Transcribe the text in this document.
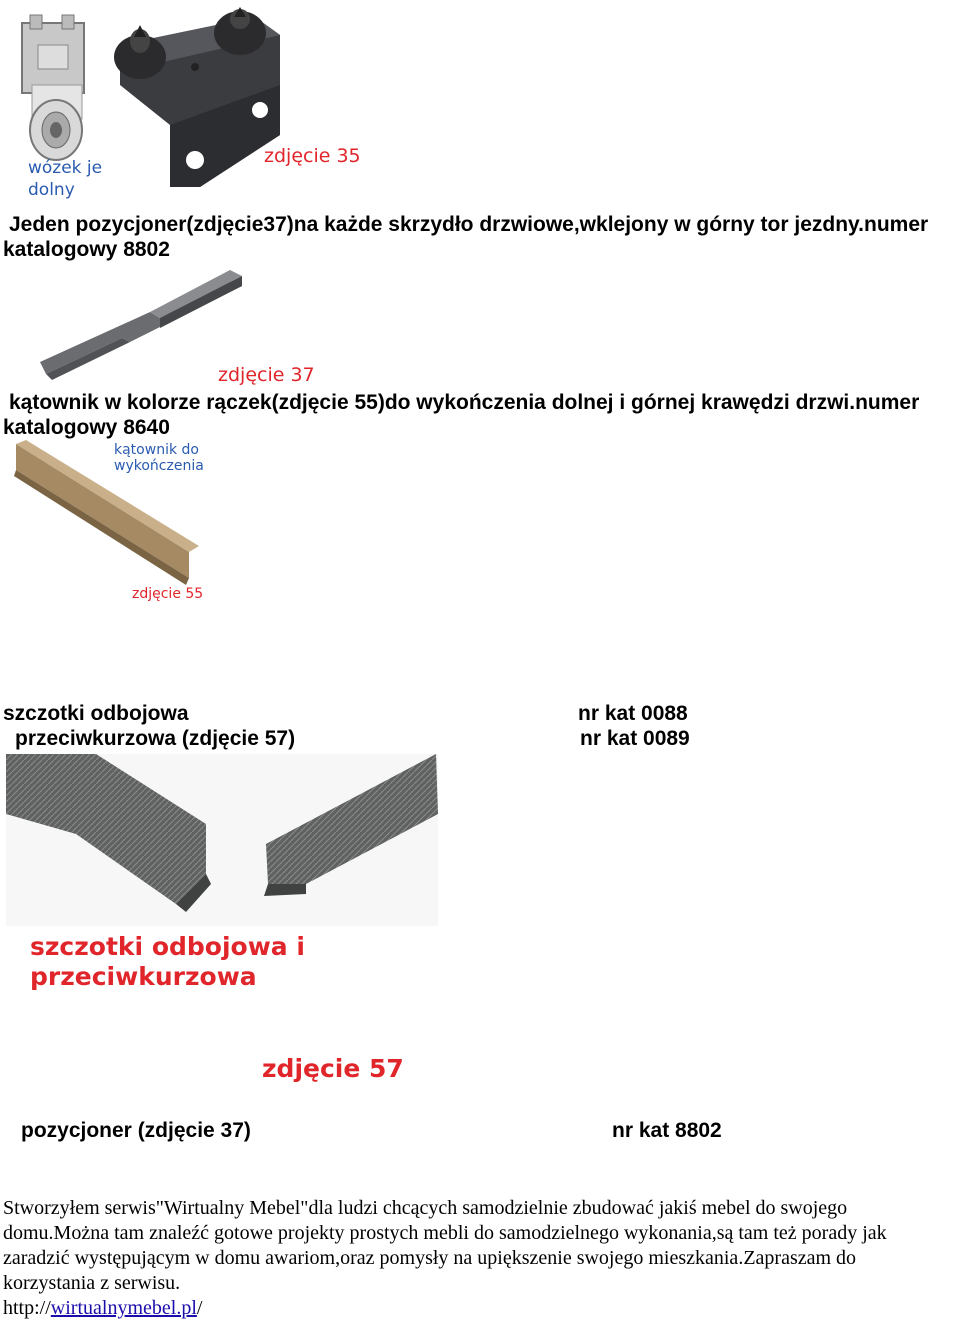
wózek je
dolny
zdjęcie 35
Jeden pozycjoner(zdjęcie37)na każde skrzydło drzwiowe,wklejony w górny tor jezdny.numer
katalogowy 8802
zdjęcie 37
kątownik w kolorze rączek(zdjęcie 55)do wykończenia dolnej i górnej krawędzi drzwi.numer
katalogowy 8640
kątownik do
wykończenia
zdjęcie 55
szczotki odbojowa
przeciwkurzowa (zdjęcie 57)
nr kat 0088
nr kat 0089
szczotki odbojowa i
przeciwkurzowa
zdjęcie 57
pozycjoner (zdjęcie 37)	nr kat 8802
Stworzyłem serwis"Wirtualny Mebel"dla ludzi chcących samodzielnie zbudować jakiś mebel do swojego
domu.Można tam znaleźć gotowe projekty prostych mebli do samodzielnego wykonania,są tam też porady jak
zaradzić występującym w domu awariom,oraz pomysły na upiększenie swojego mieszkania.Zapraszam do
korzystania z serwisu.
http://wirtualnymebel.pl/
